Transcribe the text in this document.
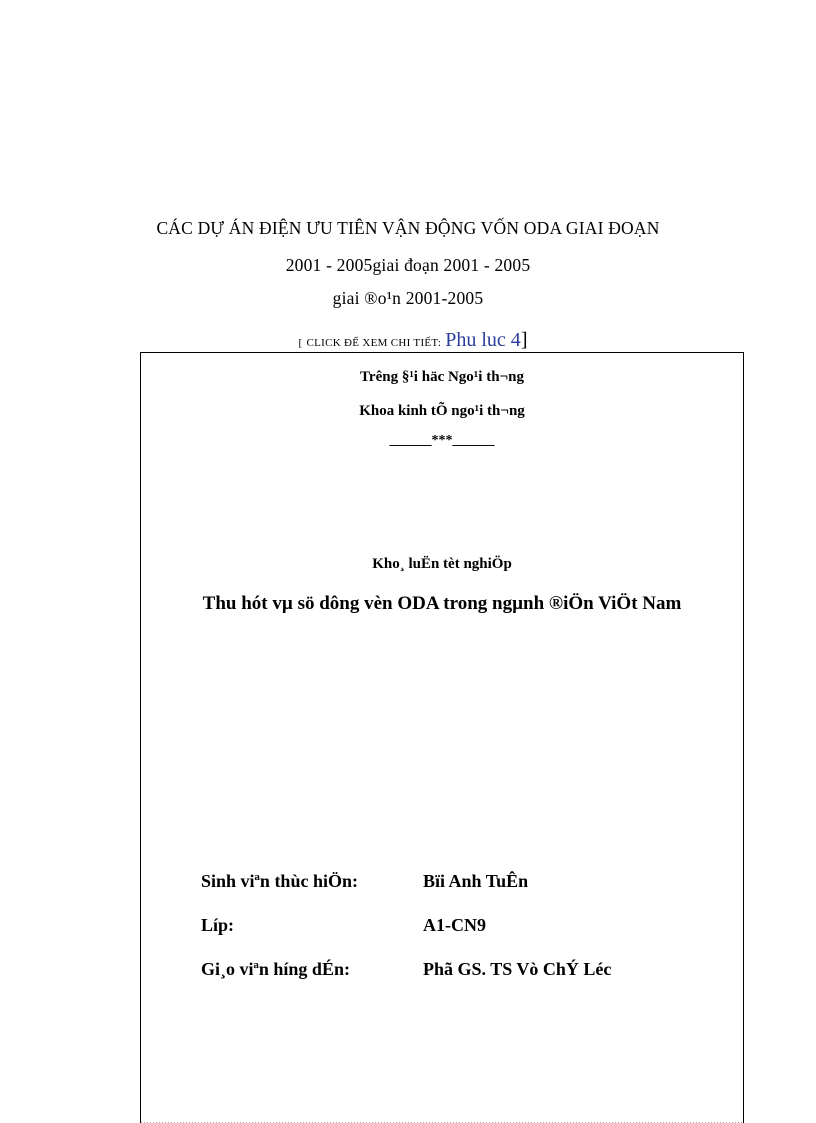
CÁC DỰ ÁN ĐIỆN ƯU TIÊN VẬN ĐỘNG VỐN ODA GIAI ĐOẠN
2001 - 2005giai đoạn 2001 - 2005
giai ®o¹n 2001-2005
[ CLICK ĐỂ XEM CHI TIẾT: Phu luc 4]
Trêng §¹i häc Ngo¹i th¬ng
Khoa kinh tÕ ngo¹i th¬ng
______***______
Kho¸ luËn tèt nghiÖp
Thu hót vµ sö dông vèn ODA trong ngµnh ®iÖn ViÖt Nam
Sinh viªn thùc hiÖn:	Bïi Anh TuÊn
Líp:	A1-CN9
Gi¸o viªn híng dÉn:	Phã GS. TS Vò ChÝ Léc
